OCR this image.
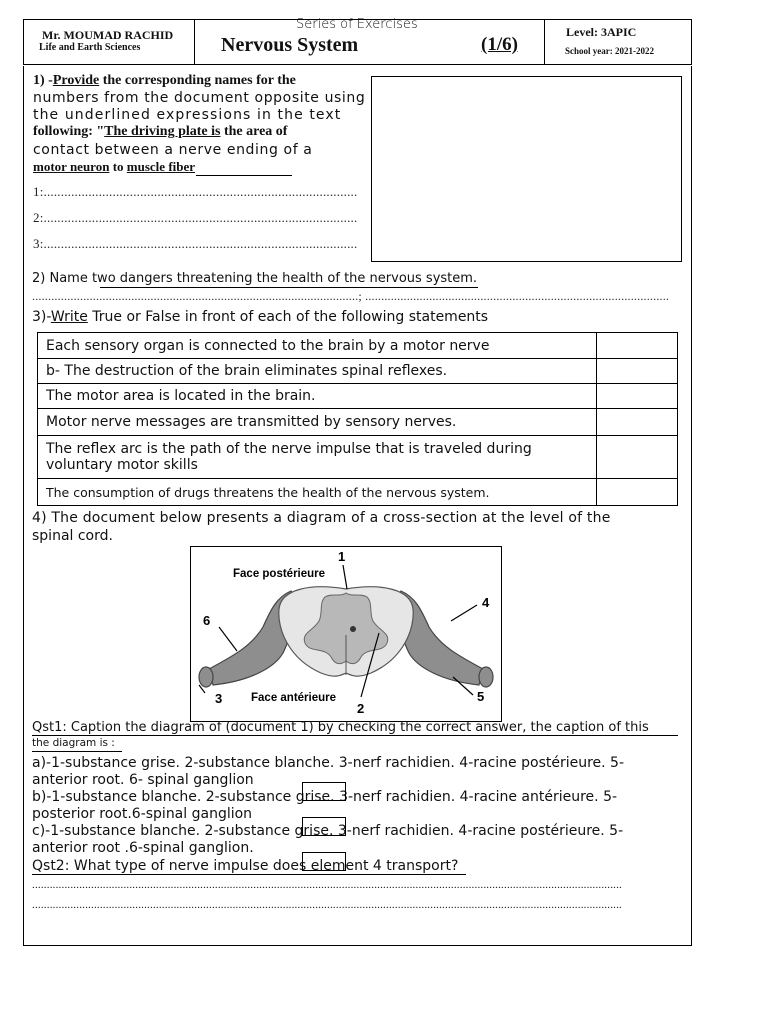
Mr. MOUMAD RACHID
Life and Earth Sciences
Series of Exercises
Nervous System	(1/6)
Level: 3APIC
School year: 2021-2022
1) -Provide the corresponding names for the
numbers from the document opposite using
the underlined expressions in the text
following: "The driving plate is the area of
contact between a nerve ending of a
motor neuron to muscle fiber
1:...........................................................................................
2:...........................................................................................
3:...........................................................................................
2) Name two dangers threatening the health of the nervous system.
......................................................................................................; ...............................................................................................
3)-Write True or False in front of each of the following statements
Each sensory organ is connected to the brain by a motor nerve	
b- The destruction of the brain eliminates spinal reflexes.	
The motor area is located in the brain.	
Motor nerve messages are transmitted by sensory nerves.	
The reflex arc is the path of the nerve impulse that is traveled during voluntary motor skills	
The consumption of drugs threatens the health of the nervous system.	
4) The document below presents a diagram of a cross-section at the level of the
spinal cord.
Face postérieure
Face antérieure
1
2
3
4
5
6
Qst1: Caption the diagram of (document 1) by checking the correct answer, the caption of this
the diagram is :
a)-1-substance grise. 2-substance blanche. 3-nerf rachidien. 4-racine postérieure. 5-
anterior root. 6- spinal ganglion
b)-1-substance blanche. 2-substance grise. 3-nerf rachidien. 4-racine antérieure. 5-
posterior root.6-spinal ganglion
c)-1-substance blanche. 2-substance grise. 3-nerf rachidien. 4-racine postérieure. 5-
anterior root .6-spinal ganglion.
Qst2: What type of nerve impulse does element 4 transport?
........................................................................................................................................................................................................
........................................................................................................................................................................................................
